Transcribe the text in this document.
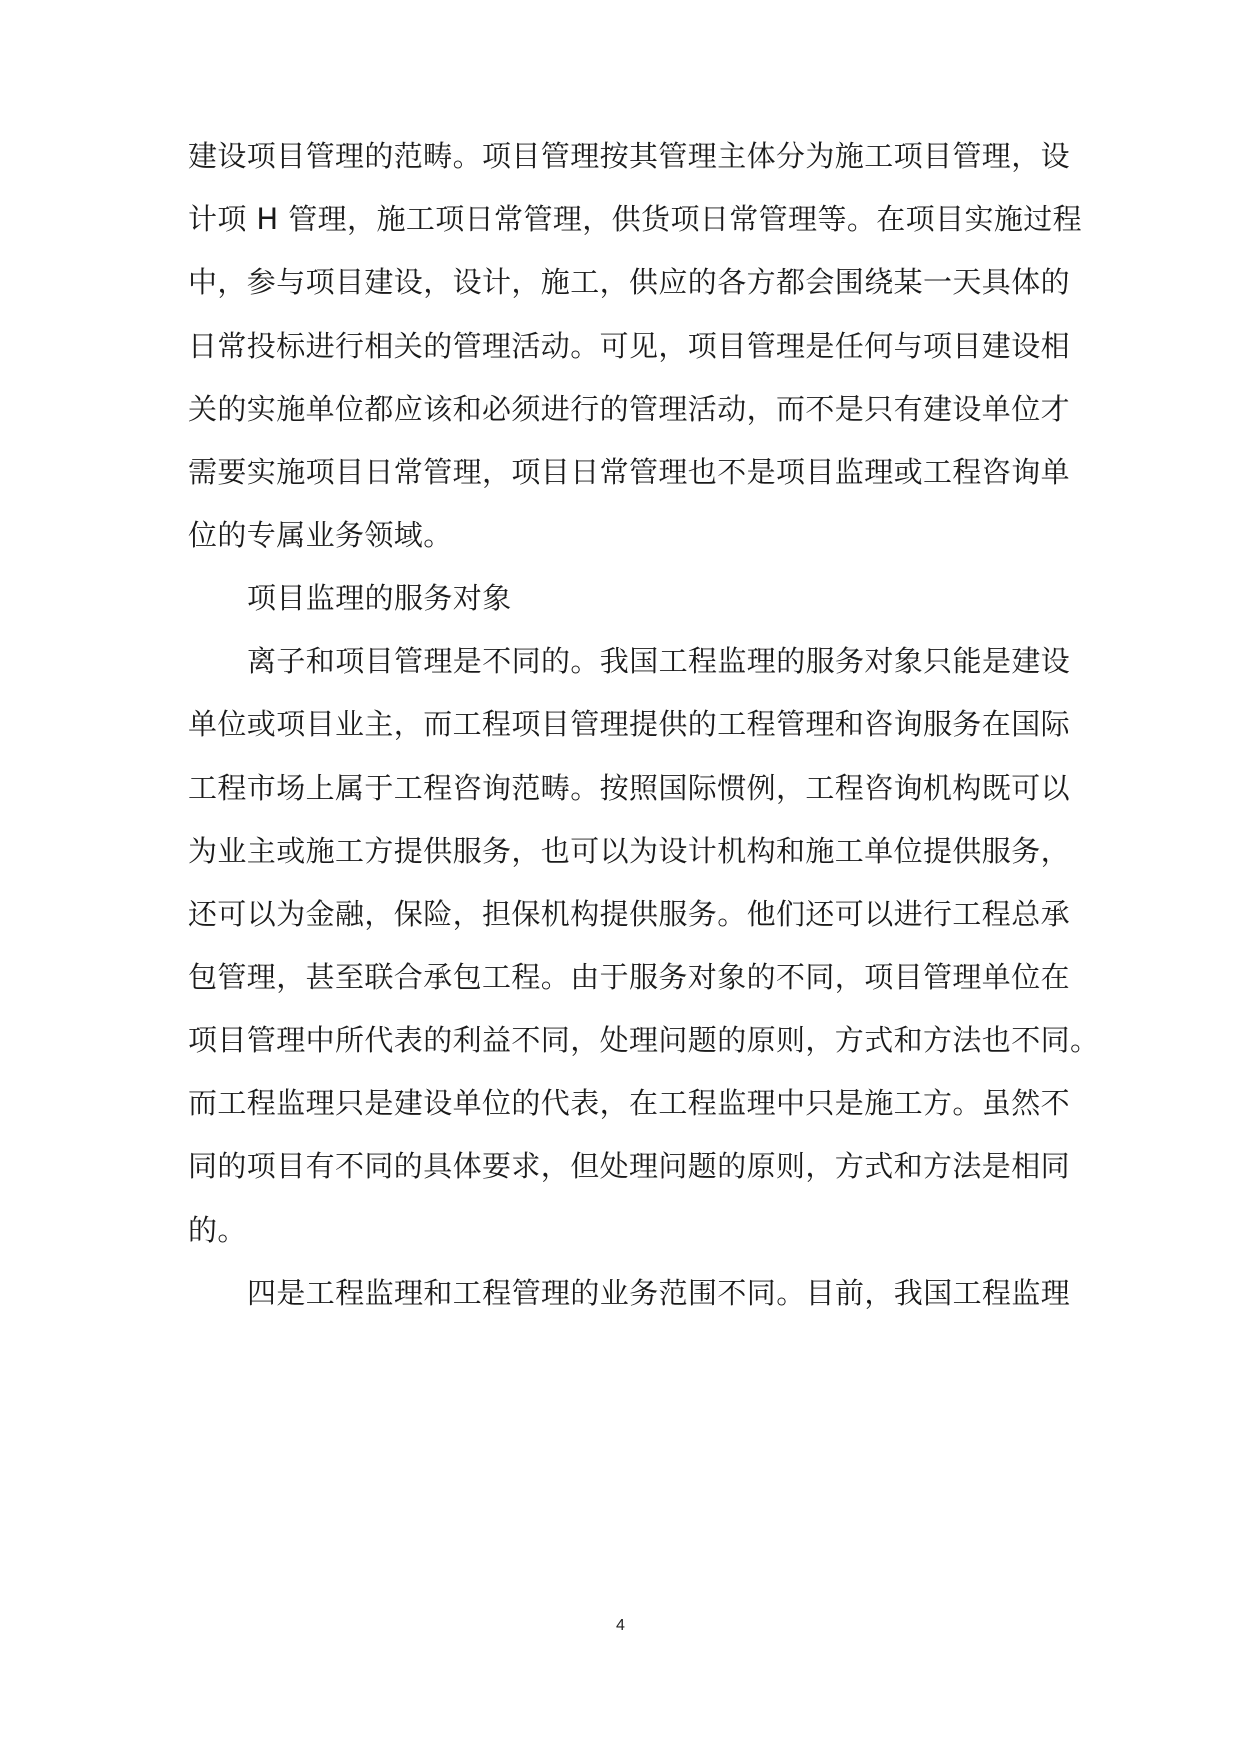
建设项目管理的范畴。项目管理按其管理主体分为施工项目管理，设
计项 H 管理，施工项日常管理，供货项日常管理等。在项目实施过程
中，参与项目建设，设计，施工，供应的各方都会围绕某一天具体的
日常投标进行相关的管理活动。可见，项目管理是任何与项目建设相
关的实施单位都应该和必须进行的管理活动，而不是只有建设单位才
需要实施项目日常管理，项目日常管理也不是项目监理或工程咨询单
位的专属业务领域。
项目监理的服务对象
离子和项目管理是不同的。我国工程监理的服务对象只能是建设
单位或项目业主，而工程项目管理提供的工程管理和咨询服务在国际
工程市场上属于工程咨询范畴。按照国际惯例，工程咨询机构既可以
为业主或施工方提供服务，也可以为设计机构和施工单位提供服务，
还可以为金融，保险，担保机构提供服务。他们还可以进行工程总承
包管理，甚至联合承包工程。由于服务对象的不同，项目管理单位在
项目管理中所代表的利益不同，处理问题的原则，方式和方法也不同。
而工程监理只是建设单位的代表，在工程监理中只是施工方。虽然不
同的项目有不同的具体要求，但处理问题的原则，方式和方法是相同
的。
四是工程监理和工程管理的业务范围不同。目前，我国工程监理
4
